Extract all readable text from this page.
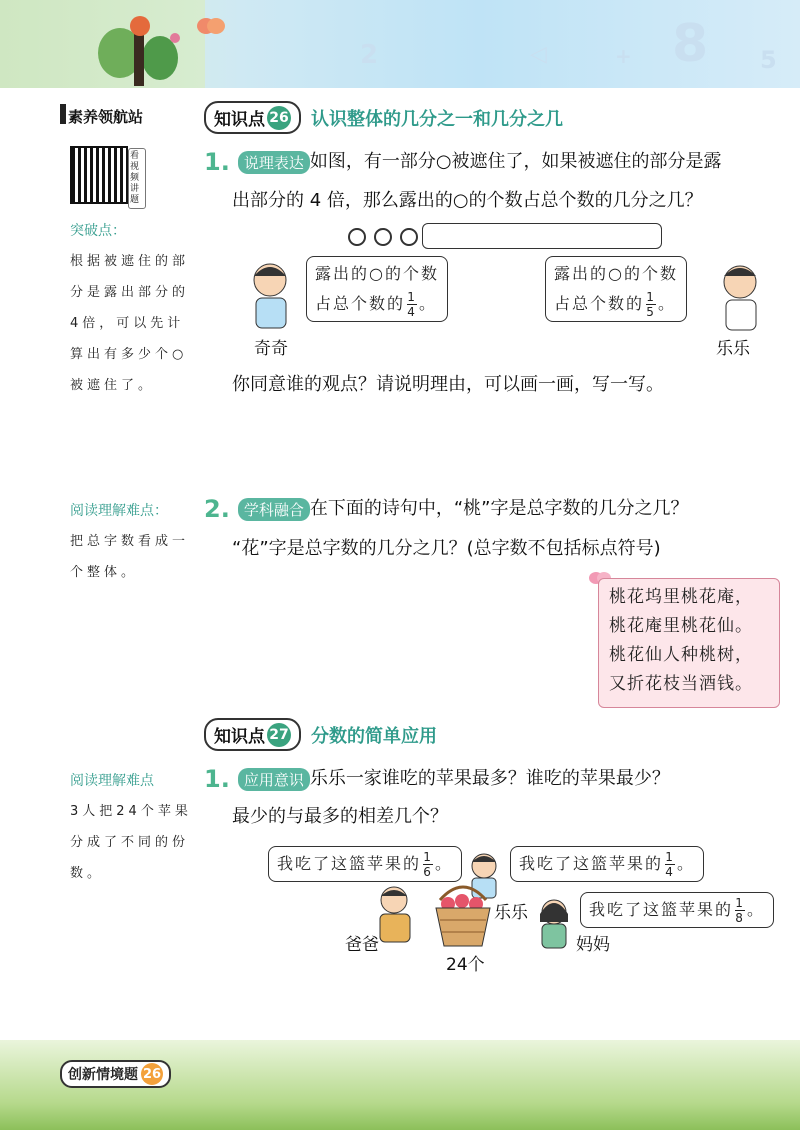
2	◁	+ 8 5
素养领航站
看视频讲题
突破点：
根据被遮住的部分是露出部分的4倍，可以先计算出有多少个○被遮住了。
阅读理解难点：
把总字数看成一个整体。
阅读理解难点
3人把24个苹果分成了不同的份数。
知识点 26 认识整体的几分之一和几分之几
1. 说理表达 如图，有一部分○被遮住了，如果被遮住的部分是露
出部分的 4 倍，那么露出的○的个数占总个数的几分之几？
奇奇
露出的○的个数
占总个数的 $\frac{1}{4}$ 。
露出的○的个数
占总个数的 $\frac{1}{5}$ 。
乐乐
你同意谁的观点？请说明理由，可以画一画，写一写。
2. 学科融合 在下面的诗句中，“桃”字是总字数的几分之几？
“花”字是总字数的几分之几？(总字数不包括标点符号)
桃花坞里桃花庵，
桃花庵里桃花仙。
桃花仙人种桃树，
又折花枝当酒钱。
知识点 27 分数的简单应用
1. 应用意识 乐乐一家谁吃的苹果最多？谁吃的苹果最少？
最少的与最多的相差几个？
我吃了这篮苹果的 $\frac{1}{6}$ 。	我吃了这篮苹果的 $\frac{1}{4}$ 。
我吃了这篮苹果的 $\frac{1}{8}$ 。
爸爸
乐乐
24个
妈妈
创新情境题 26
